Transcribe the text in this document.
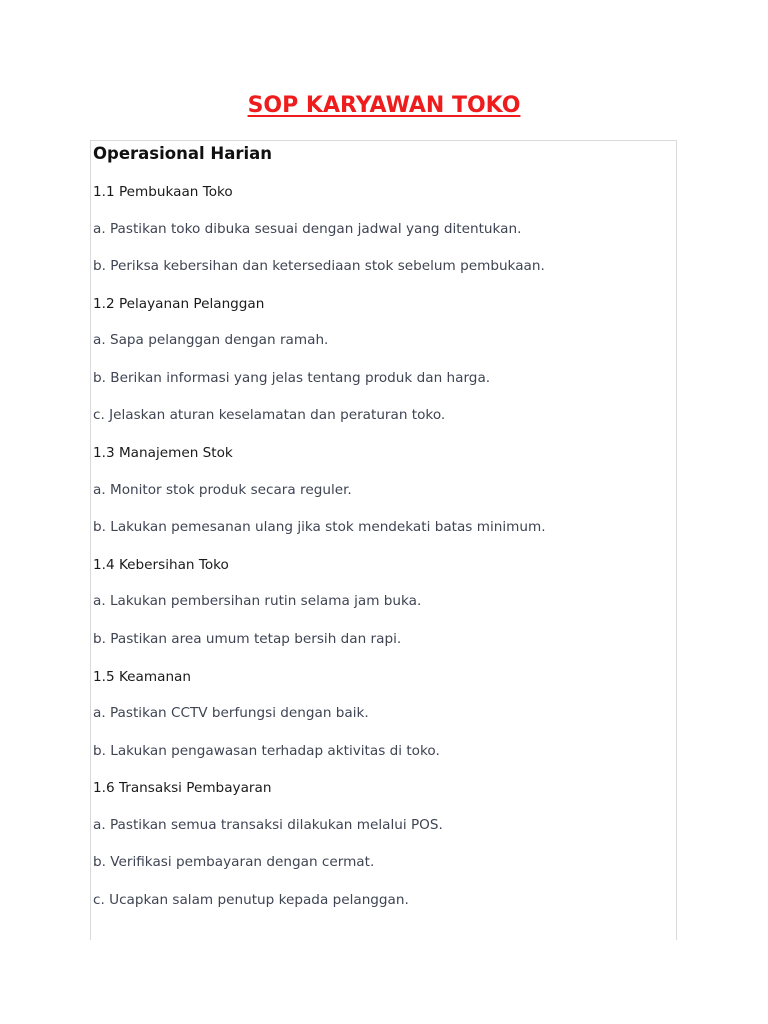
SOP KARYAWAN TOKO
Operasional Harian

1.1 Pembukaan Toko

a. Pastikan toko dibuka sesuai dengan jadwal yang ditentukan.

b. Periksa kebersihan dan ketersediaan stok sebelum pembukaan.

1.2 Pelayanan Pelanggan

a. Sapa pelanggan dengan ramah.

b. Berikan informasi yang jelas tentang produk dan harga.

c. Jelaskan aturan keselamatan dan peraturan toko.

1.3 Manajemen Stok

a. Monitor stok produk secara reguler.

b. Lakukan pemesanan ulang jika stok mendekati batas minimum.

1.4 Kebersihan Toko

a. Lakukan pembersihan rutin selama jam buka.

b. Pastikan area umum tetap bersih dan rapi.

1.5 Keamanan

a. Pastikan CCTV berfungsi dengan baik.

b. Lakukan pengawasan terhadap aktivitas di toko.

1.6 Transaksi Pembayaran

a. Pastikan semua transaksi dilakukan melalui POS.

b. Verifikasi pembayaran dengan cermat.

c. Ucapkan salam penutup kepada pelanggan.
